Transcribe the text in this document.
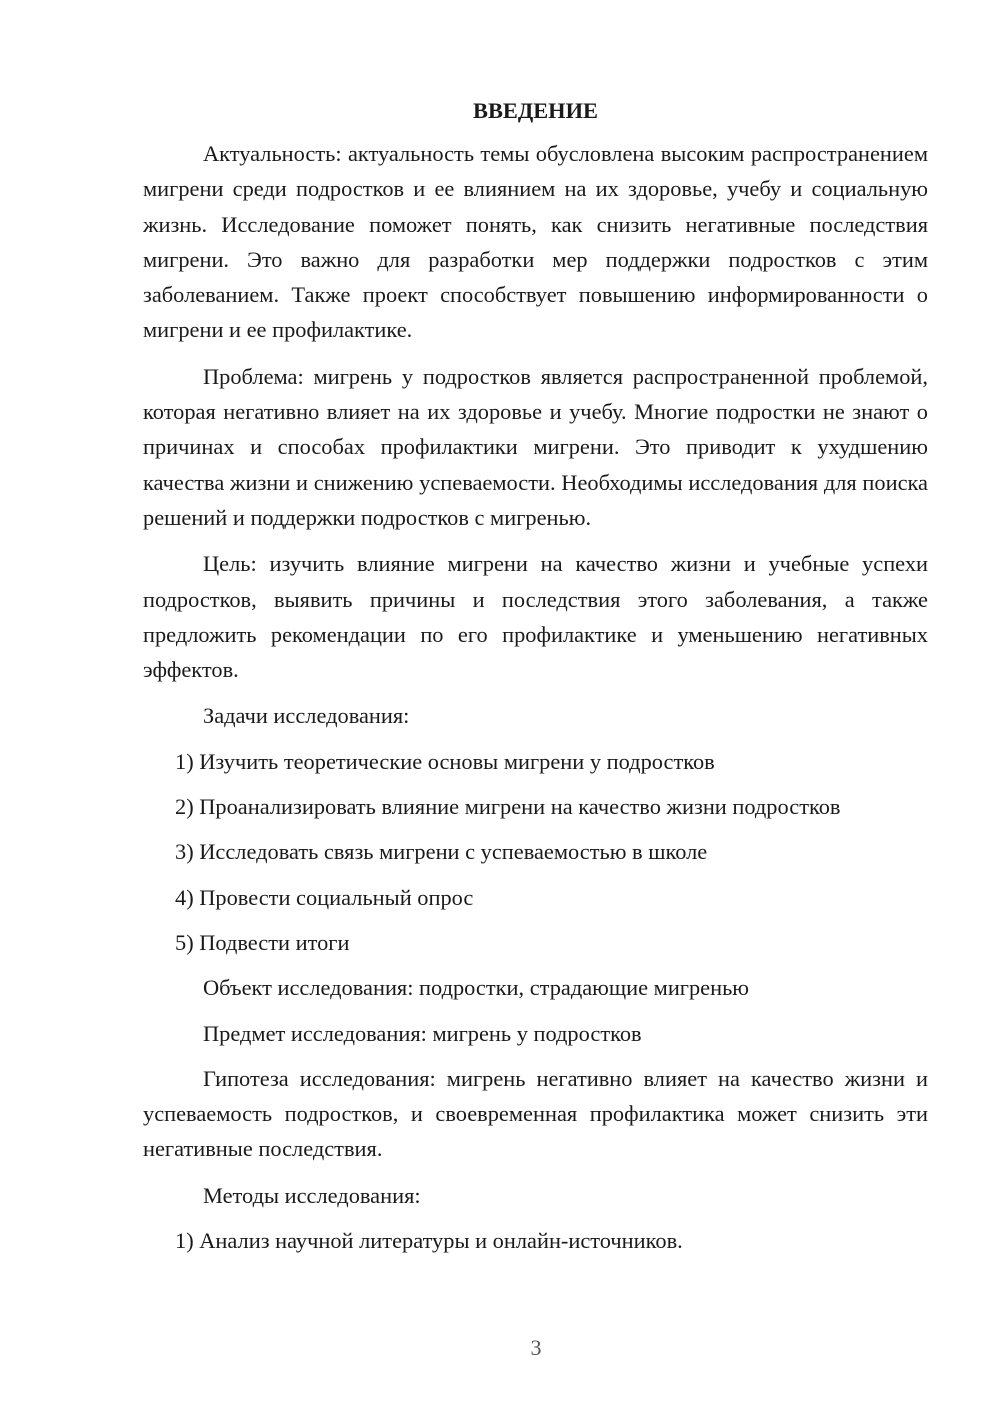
ВВЕДЕНИЕ

Актуальность: актуальность темы обусловлена высоким распространением мигрени среди подростков и ее влиянием на их здоровье, учебу и социальную жизнь. Исследование поможет понять, как снизить негативные последствия мигрени. Это важно для разработки мер поддержки подростков с этим заболеванием. Также проект способствует повышению информированности о мигрени и ее профилактике.

Проблема: мигрень у подростков является распространенной проблемой, которая негативно влияет на их здоровье и учебу. Многие подростки не знают о причинах и способах профилактики мигрени. Это приводит к ухудшению качества жизни и снижению успеваемости. Необходимы исследования для поиска решений и поддержки подростков с мигренью.

Цель: изучить влияние мигрени на качество жизни и учебные успехи подростков, выявить причины и последствия этого заболевания, а также предложить рекомендации по его профилактике и уменьшению негативных эффектов.

Задачи исследования:
1) Изучить теоретические основы мигрени у подростков
2) Проанализировать влияние мигрени на качество жизни подростков
3) Исследовать связь мигрени с успеваемостью в школе
4) Провести социальный опрос
5) Подвести итоги
Объект исследования: подростки, страдающие мигренью
Предмет исследования: мигрень у подростков

Гипотеза исследования: мигрень негативно влияет на качество жизни и успеваемость подростков, и своевременная профилактика может снизить эти негативные последствия.

Методы исследования:
1) Анализ научной литературы и онлайн-источников.
3
